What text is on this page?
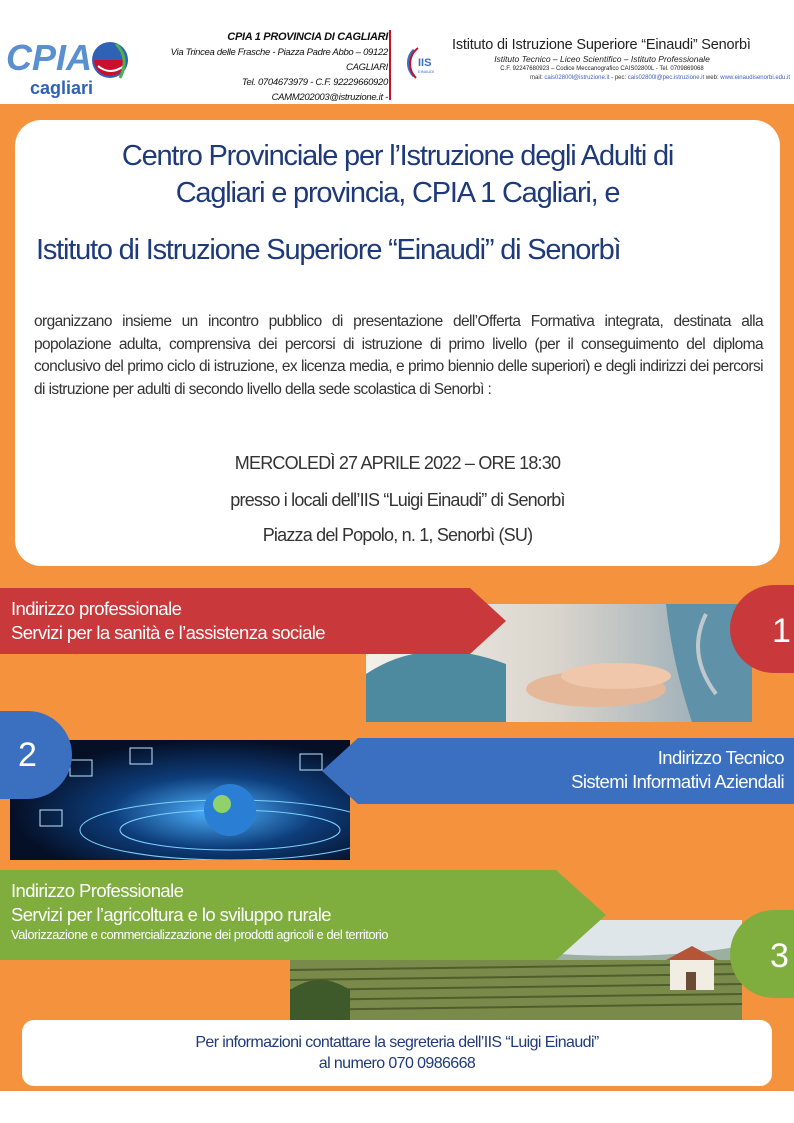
CPIA
cagliari
CPIA 1 PROVINCIA DI CAGLIARI
Via Trincea delle Frasche - Piazza Padre Abbo – 09122 CAGLIARI
Tel. 0704673979 - C.F. 92229660920
CAMM202003@istruzione.it -
IIS
EINAUDI
Istituto di Istruzione Superiore “Einaudi” Senorbì
Istituto Tecnico – Liceo Scientifico – Istituto Professionale
C.F. 92247680923 – Codice Meccanografico CAIS02800L - Tel. 0709869068
mail: cais02800l@istruzione.it - pec: cais02800l@pec.istruzione.it web: www.einaudisenorbi.edu.it
Centro Provinciale per l’Istruzione degli Adulti di
Cagliari e provincia, CPIA 1 Cagliari, e
Istituto di Istruzione Superiore “Einaudi” di Senorbì

organizzano insieme un incontro pubblico di presentazione dell’Offerta Formativa integrata, destinata alla popolazione adulta, comprensiva dei percorsi di istruzione di primo livello (per il conseguimento del diploma conclusivo del primo ciclo di istruzione, ex licenza media, e primo biennio delle superiori) e degli indirizzi dei percorsi di istruzione per adulti di secondo livello della sede scolastica di Senorbì :

MERCOLEDÌ 27 APRILE 2022 – ORE 18:30
presso i locali dell’IIS “Luigi Einaudi” di Senorbì
Piazza del Popolo, n. 1, Senorbì (SU)
Indirizzo professionale
Servizi per la sanità e l’assistenza sociale	1
Indirizzo Tecnico
Sistemi Informativi Aziendali
2
Indirizzo Professionale
Servizi per l’agricoltura e lo sviluppo rurale
Valorizzazione e commercializzazione dei prodotti agricoli e del territorio
3
Per informazioni contattare la segreteria dell’IIS “Luigi Einaudi”
al numero 070 0986668
